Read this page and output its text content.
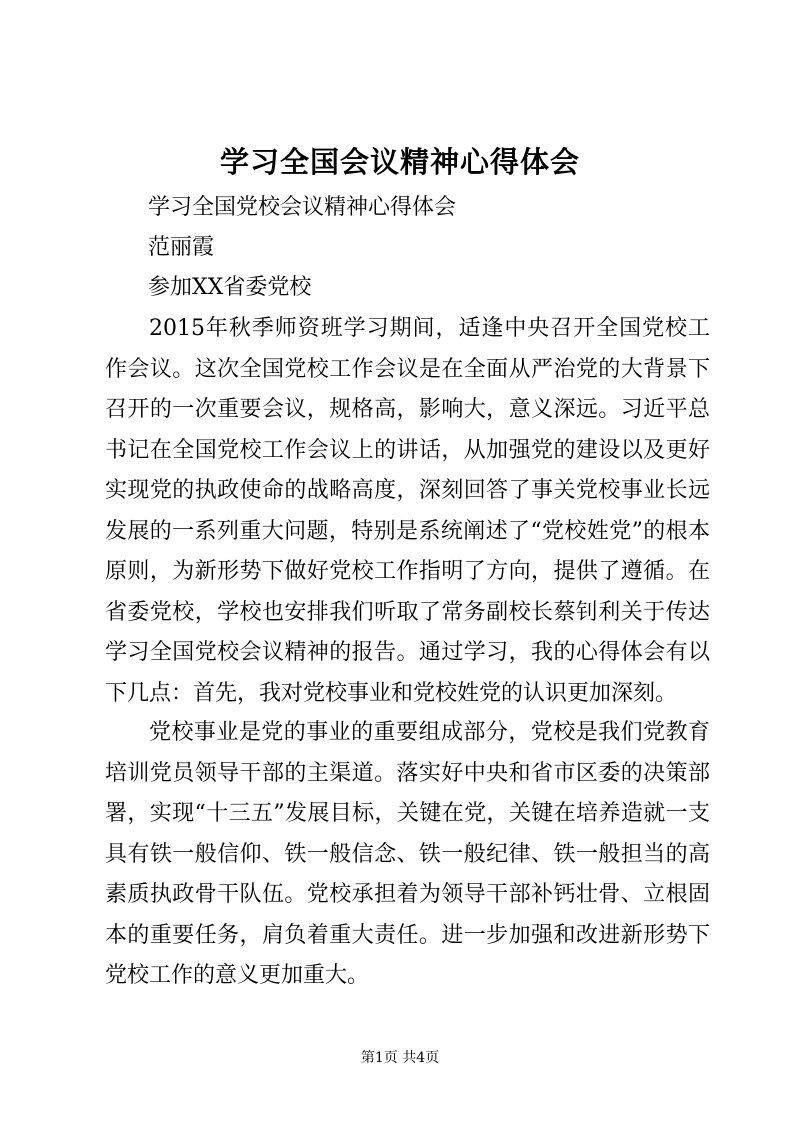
学习全国会议精神心得体会
学习全国党校会议精神心得体会
范丽霞
参加XX省委党校

2015年秋季师资班学习期间，适逢中央召开全国党校工作会议。这次全国党校工作会议是在全面从严治党的大背景下召开的一次重要会议，规格高，影响大，意义深远。习近平总书记在全国党校工作会议上的讲话，从加强党的建设以及更好实现党的执政使命的战略高度，深刻回答了事关党校事业长远发展的一系列重大问题，特别是系统阐述了“党校姓党”的根本原则，为新形势下做好党校工作指明了方向，提供了遵循。在省委党校，学校也安排我们听取了常务副校长蔡钊利关于传达学习全国党校会议精神的报告。通过学习，我的心得体会有以下几点：首先，我对党校事业和党校姓党的认识更加深刻。

党校事业是党的事业的重要组成部分，党校是我们党教育培训党员领导干部的主渠道。落实好中央和省市区委的决策部署，实现“十三五”发展目标，关键在党，关键在培养造就一支具有铁一般信仰、铁一般信念、铁一般纪律、铁一般担当的高素质执政骨干队伍。党校承担着为领导干部补钙壮骨、立根固本的重要任务，肩负着重大责任。进一步加强和改进新形势下党校工作的意义更加重大。

第1页 共4页
